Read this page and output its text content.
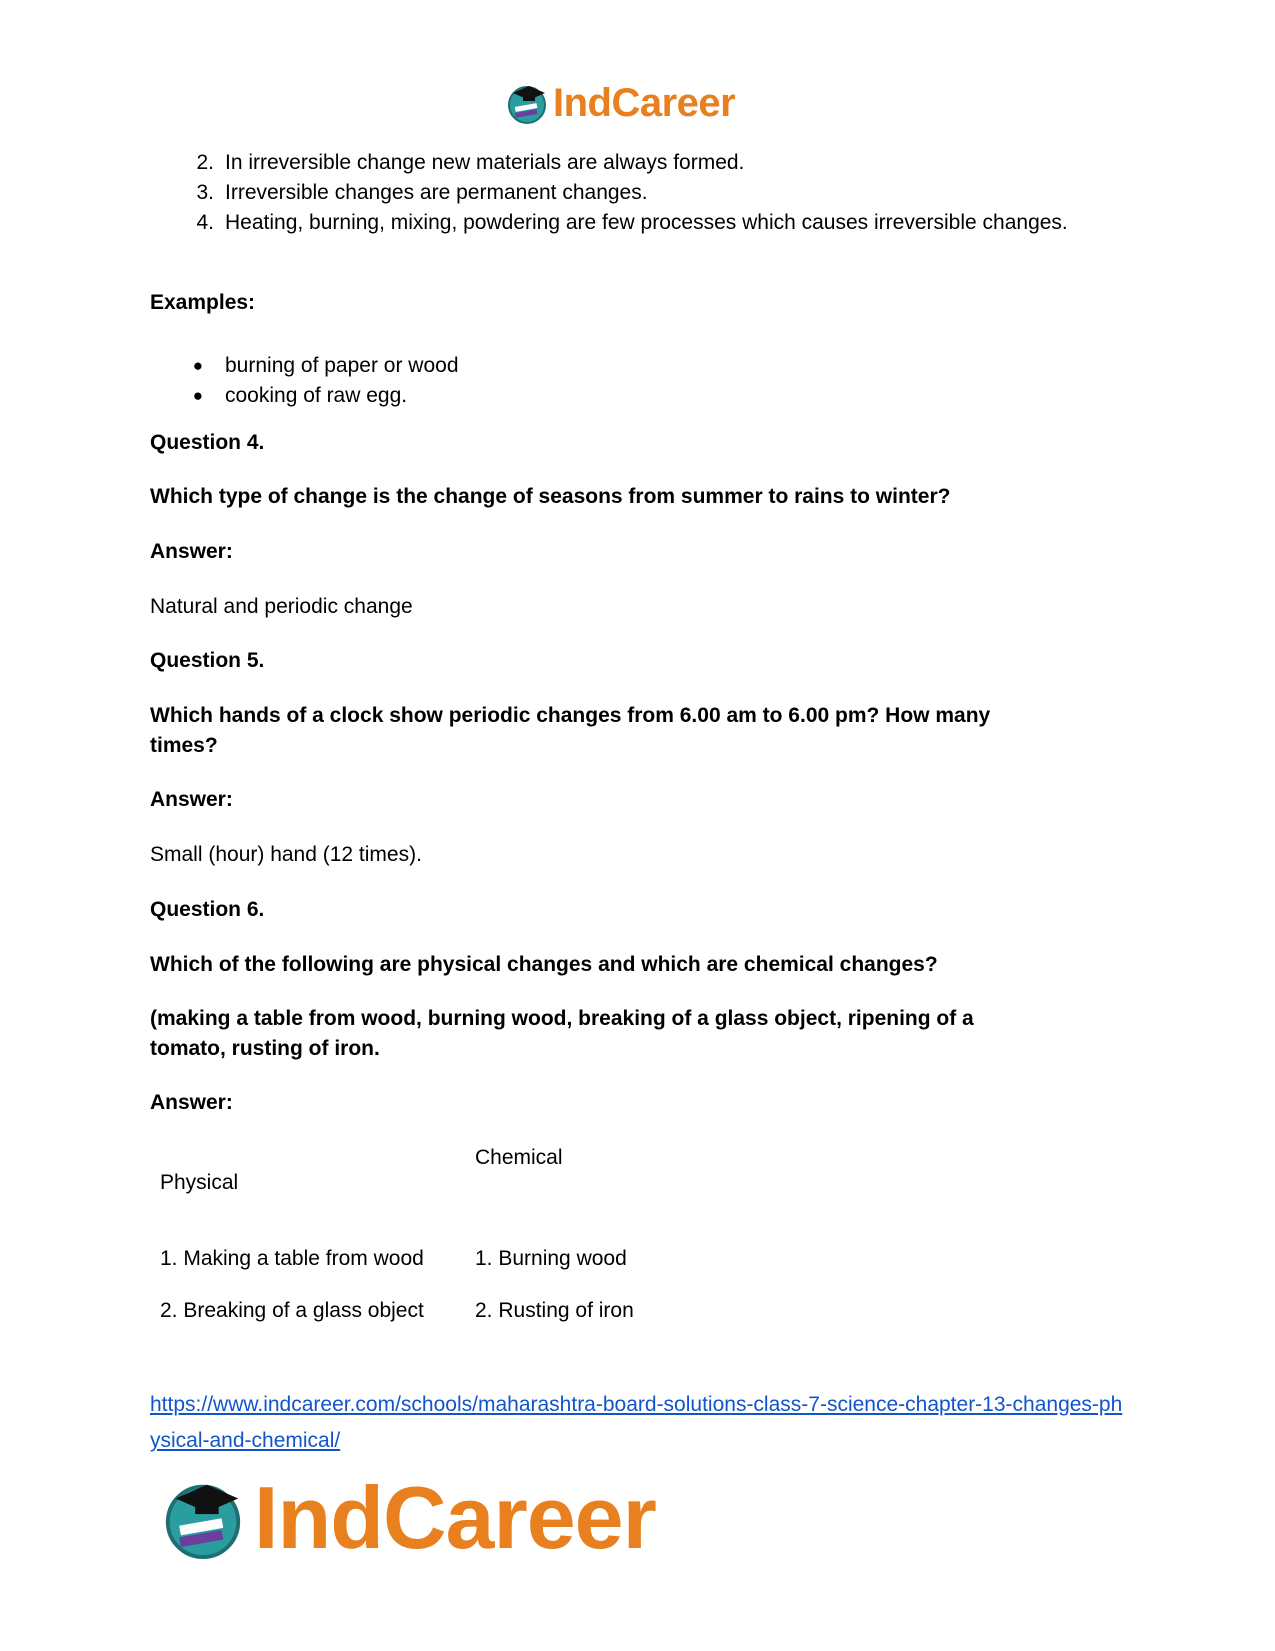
IndCareer
2. In irreversible change new materials are always formed.
3. Irreversible changes are permanent changes.
4. Heating, burning, mixing, powdering are few processes which causes irreversible changes.
Examples:
●	burning of paper or wood
●	cooking of raw egg.
Question 4.
Which type of change is the change of seasons from summer to rains to winter?
Answer:
Natural and periodic change
Question 5.
Which hands of a clock show periodic changes from 6.00 am to 6.00 pm? How many times?
Answer:
Small (hour) hand (12 times).
Question 6.
Which of the following are physical changes and which are chemical changes?
(making a table from wood, burning wood, breaking of a glass object, ripening of a tomato, rusting of iron.
Answer:
Physical
Chemical
1. Making a table from wood 1. Burning wood
2. Breaking of a glass object 2. Rusting of iron
https://www.indcareer.com/schools/maharashtra-board-solutions-class-7-science-chapter-13-changes-physical-and-chemical/
IndCareer
